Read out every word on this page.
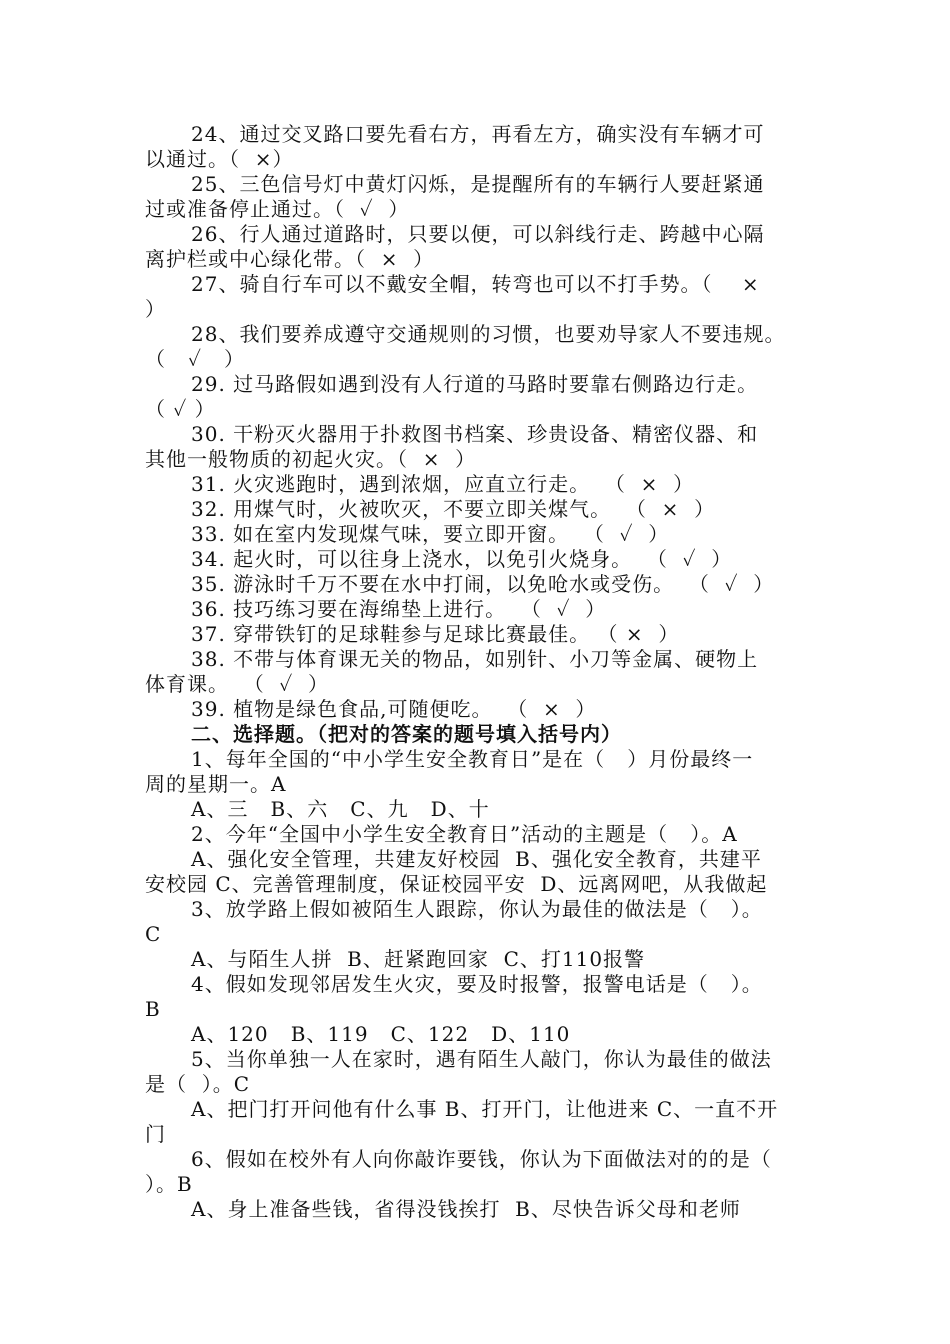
24、通过交叉路口要先看右方，再看左方，确实没有车辆才可
以通过。（  ×）
25、三色信号灯中黄灯闪烁，是提醒所有的车辆行人要赶紧通
过或准备停止通过。（  ✓  ）
26、行人通过道路时，只要以便，可以斜线行走、跨越中心隔
离护栏或中心绿化带。（  ×  ）
27、骑自行车可以不戴安全帽，转弯也可以不打手势。（    ×
）
28、我们要养成遵守交通规则的习惯，也要劝导家人不要违规。
（   ✓   ）
29. 过马路假如遇到没有人行道的马路时要靠右侧路边行走。
（ ✓ ）
30. 干粉灭火器用于扑救图书档案、珍贵设备、精密仪器、和
其他一般物质的初起火灾。（  ×  ）
31. 火灾逃跑时，遇到浓烟，应直立行走。  （  ×  ）
32. 用煤气时，火被吹灭，不要立即关煤气。  （  ×  ）
33. 如在室内发现煤气味，要立即开窗。  （  ✓  ）
34. 起火时，可以往身上浇水，以免引火烧身。  （  ✓  ）
35. 游泳时千万不要在水中打闹，以免呛水或受伤。  （  ✓  ）
36. 技巧练习要在海绵垫上进行。  （  ✓  ）
37. 穿带铁钉的足球鞋参与足球比赛最佳。 （ ×  ）
38. 不带与体育课无关的物品，如别针、小刀等金属、硬物上
体育课。  （  ✓  ）
39. 植物是绿色食品,可随便吃。  （  ×  ）
二、选择题。（把对的答案的题号填入括号内）
1、每年全国的“中小学生安全教育日”是在（   ）月份最终一
周的星期一。A
A、三   B、六   C、九   D、十
2、今年“全国中小学生安全教育日”活动的主题是（   ）。A
A、强化安全管理，共建友好校园  B、强化安全教育，共建平
安校园 C、完善管理制度，保证校园平安  D、远离网吧，从我做起
3、放学路上假如被陌生人跟踪，你认为最佳的做法是（   ）。
C
A、与陌生人拼  B、赶紧跑回家  C、打110报警
4、假如发现邻居发生火灾，要及时报警，报警电话是（   ）。
B
A、120   B、119   C、122   D、110
5、当你单独一人在家时，遇有陌生人敲门，你认为最佳的做法
是（  ）。C
A、把门打开问他有什么事 B、打开门，让他进来 C、一直不开
门
6、假如在校外有人向你敲诈要钱，你认为下面做法对的的是（
）。B
A、身上准备些钱，省得没钱挨打  B、尽快告诉父母和老师
